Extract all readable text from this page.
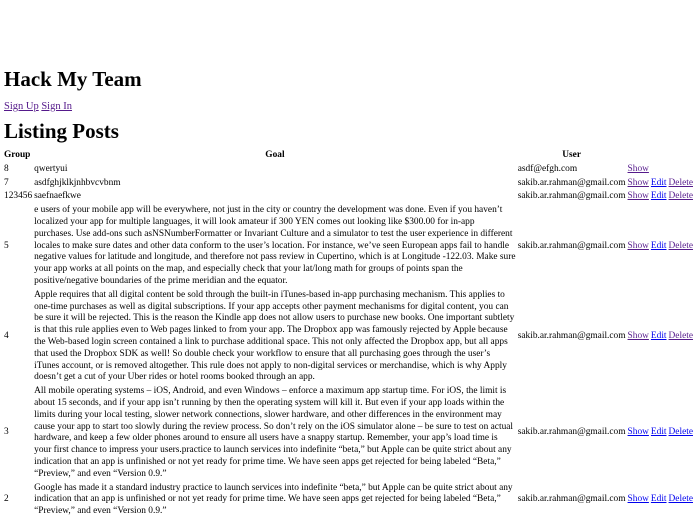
Hack My Team
Sign Up Sign In
Listing Posts
Group	Goal	User			
8	qwertyui	asdf@efgh.com	Show		
7	asdfghjklkjnhbvcvbnm	sakib.ar.rahman@gmail.com	Show	Edit	Delete
123456	saefnaefkwe	sakib.ar.rahman@gmail.com	Show	Edit	Delete
5	e users of your mobile app will be everywhere, not just in the city or country the development was done. Even if you haven’t localized your app for multiple languages, it will look amateur if 300 YEN comes out looking like $300.00 for in-app purchases. Use add-ons such asNSNumberFormatter or Invariant Culture and a simulator to test the user experience in different locales to make sure dates and other data conform to the user’s location. For instance, we’ve seen European apps fail to handle negative values for latitude and longitude, and therefore not pass review in Cupertino, which is at Longitude -122.03. Make sure your app works at all points on the map, and especially check that your lat/long math for groups of points span the positive/negative boundaries of the prime meridian and the equator.	sakib.ar.rahman@gmail.com	Show	Edit	Delete
4	Apple requires that all digital content be sold through the built-in iTunes-based in-app purchasing mechanism. This applies to one-time purchases as well as digital subscriptions. If your app accepts other payment mechanisms for digital content, you can be sure it will be rejected. This is the reason the Kindle app does not allow users to purchase new books. One important subtlety is that this rule applies even to Web pages linked to from your app. The Dropbox app was famously rejected by Apple because the Web-based login screen contained a link to purchase additional space. This not only affected the Dropbox app, but all apps that used the Dropbox SDK as well! So double check your workflow to ensure that all purchasing goes through the user’s iTunes account, or is removed altogether. This rule does not apply to non-digital services or merchandise, which is why Apply doesn’t get a cut of your Uber rides or hotel rooms booked through an app.	sakib.ar.rahman@gmail.com	Show	Edit	Delete
3	All mobile operating systems – iOS, Android, and even Windows – enforce a maximum app startup time. For iOS, the limit is about 15 seconds, and if your app isn’t running by then the operating system will kill it. But even if your app loads within the limits during your local testing, slower network connections, slower hardware, and other differences in the environment may cause your app to start too slowly during the review process. So don’t rely on the iOS simulator alone – be sure to test on actual hardware, and keep a few older phones around to ensure all users have a snappy startup. Remember, your app’s load time is your first chance to impress your users.practice to launch services into indefinite “beta,” but Apple can be quite strict about any indication that an app is unfinished or not yet ready for prime time. We have seen apps get rejected for being labeled “Beta,” “Preview,” and even “Version 0.9.”	sakib.ar.rahman@gmail.com	Show	Edit	Delete
2	Google has made it a standard industry practice to launch services into indefinite “beta,” but Apple can be quite strict about any indication that an app is unfinished or not yet ready for prime time. We have seen apps get rejected for being labeled “Beta,” “Preview,” and even “Version 0.9.”	sakib.ar.rahman@gmail.com	Show	Edit	Delete
